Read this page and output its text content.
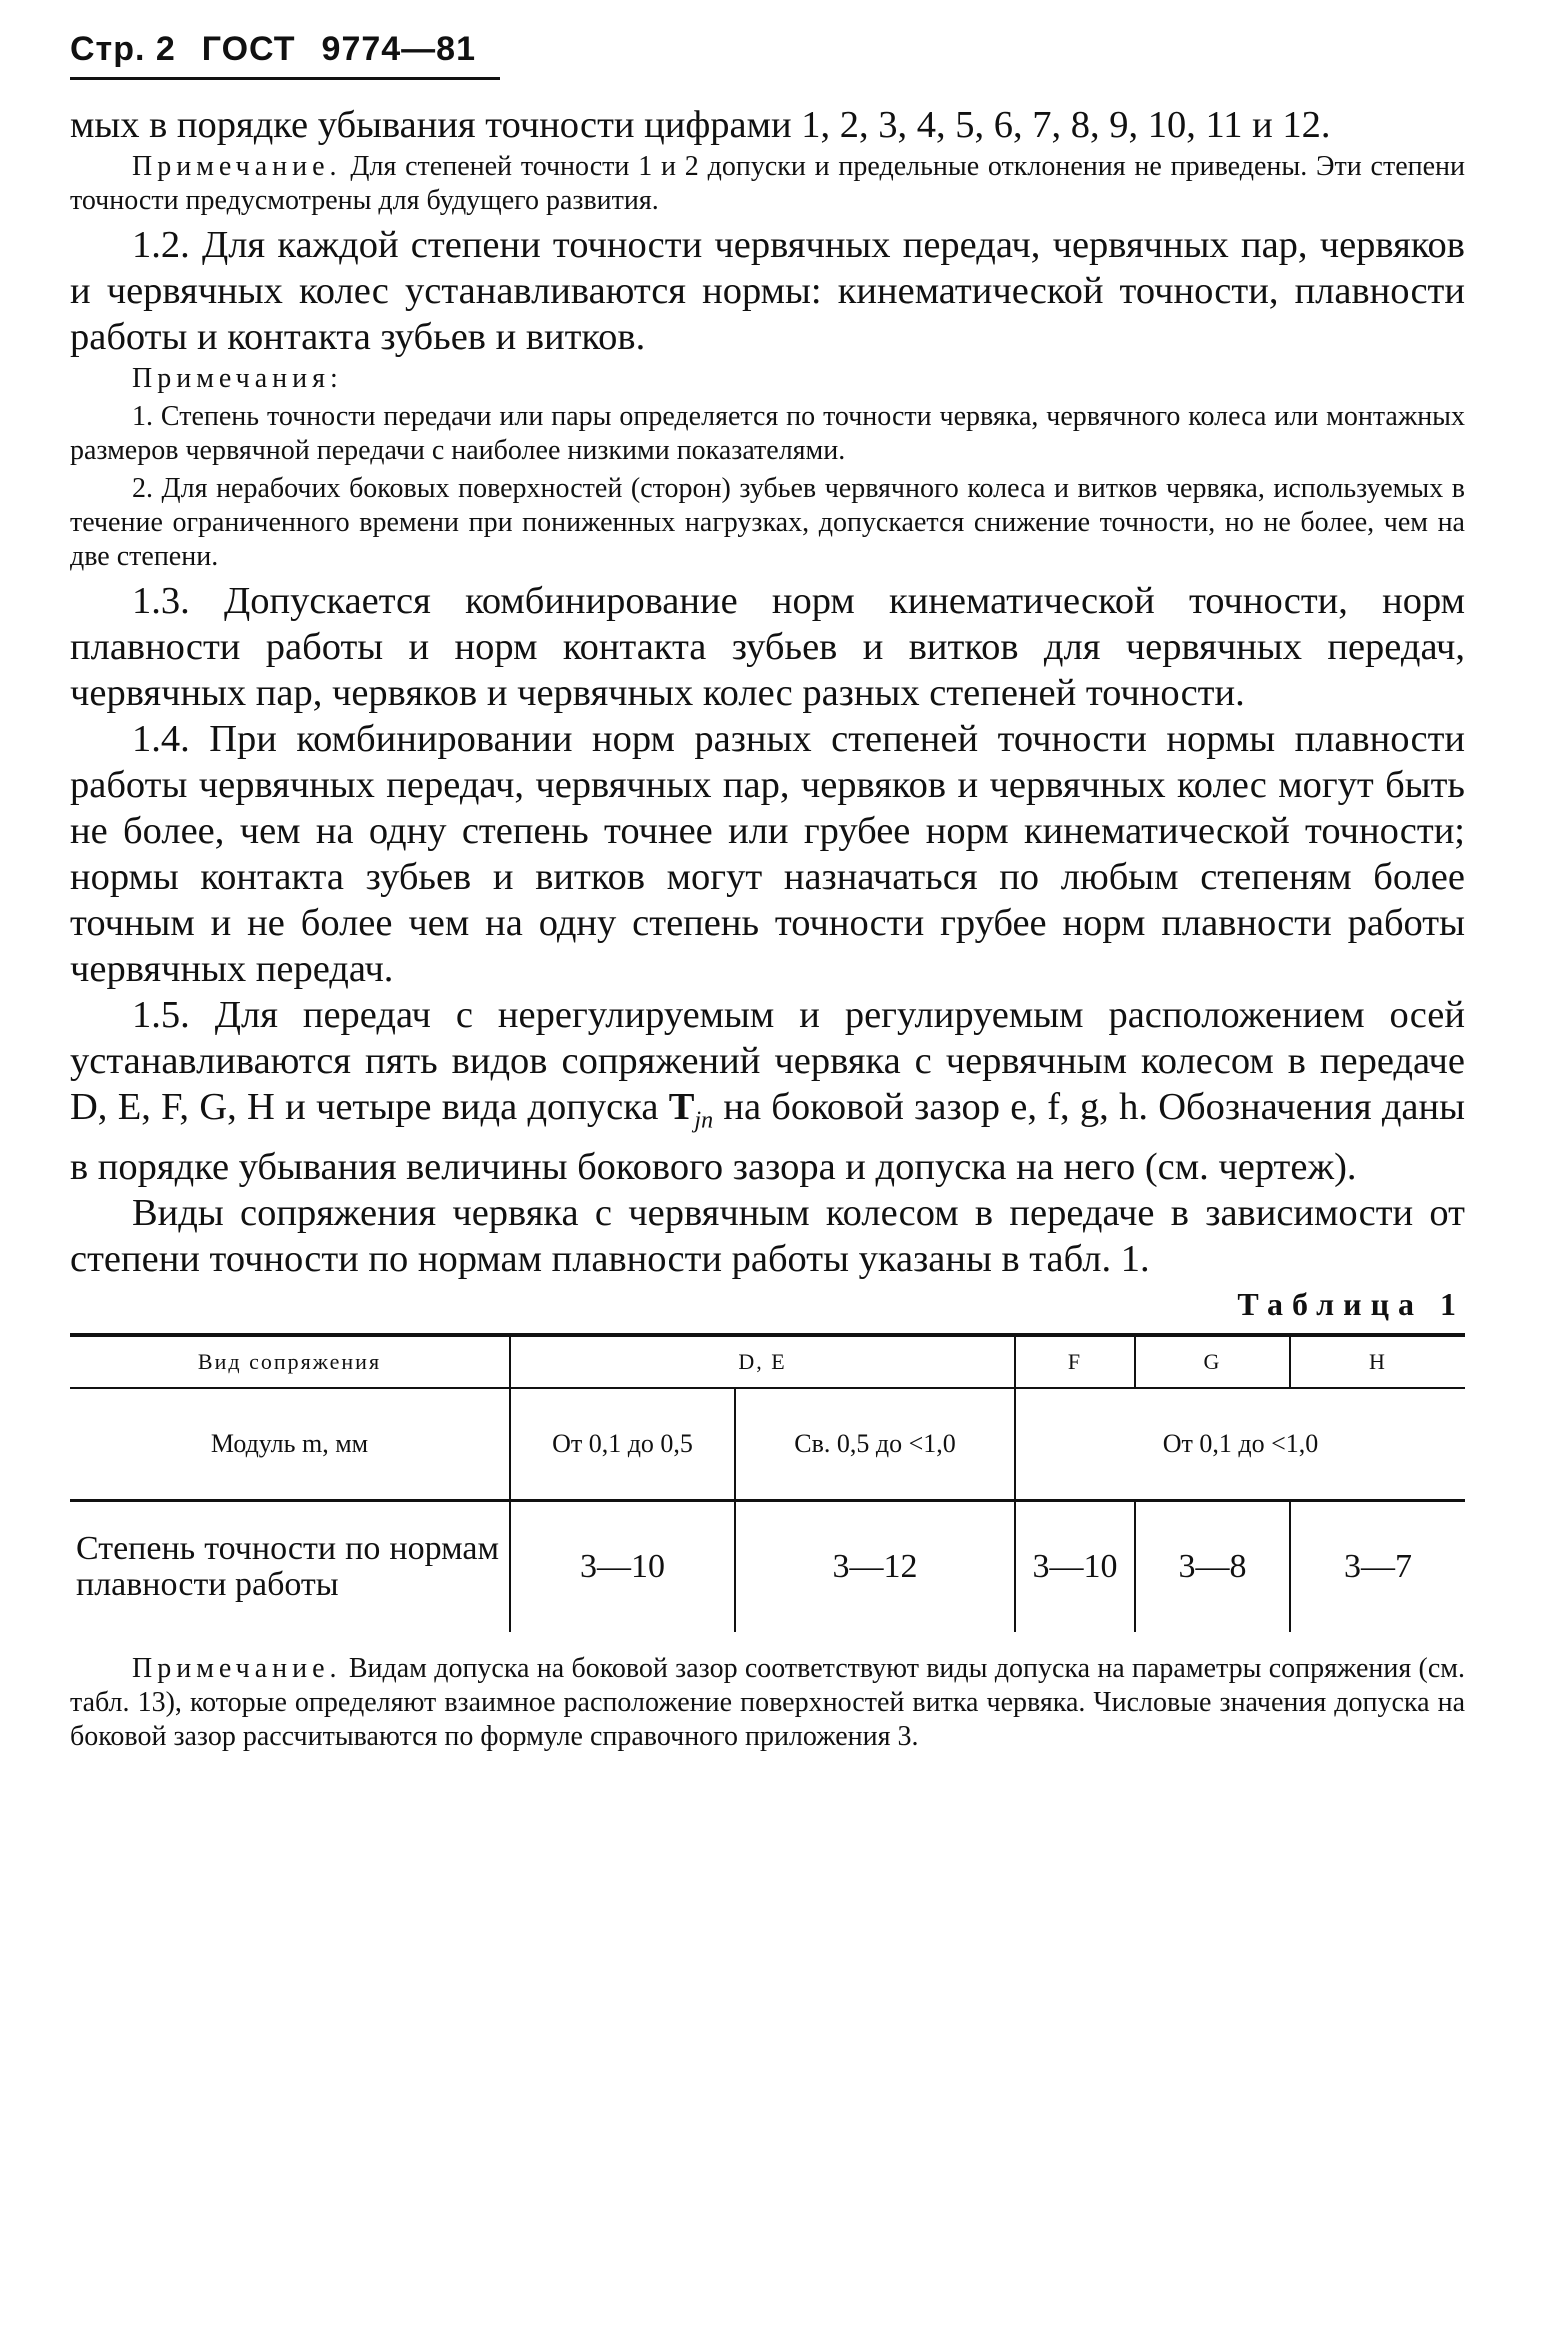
Стр. 2 ГОСТ 9774—81

мых в порядке убывания точности цифрами 1, 2, 3, 4, 5, 6, 7, 8, 9, 10, 11 и 12.

Примечание. Для степеней точности 1 и 2 допуски и предельные отклонения не приведены. Эти степени точности предусмотрены для будущего развития.

1.2. Для каждой степени точности червячных передач, червячных пар, червяков и червячных колес устанавливаются нормы: кинематической точности, плавности работы и контакта зубьев и витков.

Примечания:

1. Степень точности передачи или пары определяется по точности червяка, червячного колеса или монтажных размеров червячной передачи с наиболее низкими показателями.

2. Для нерабочих боковых поверхностей (сторон) зубьев червячного колеса и витков червяка, используемых в течение ограниченного времени при пониженных нагрузках, допускается снижение точности, но не более, чем на две степени.

1.3. Допускается комбинирование норм кинематической точности, норм плавности работы и норм контакта зубьев и витков для червячных передач, червячных пар, червяков и червячных колес разных степеней точности.

1.4. При комбинировании норм разных степеней точности нормы плавности работы червячных передач, червячных пар, червяков и червячных колес могут быть не более, чем на одну степень точнее или грубее норм кинематической точности; нормы контакта зубьев и витков могут назначаться по любым степеням более точным и не более чем на одну степень точности грубее норм плавности работы червячных передач.

1.5. Для передач с нерегулируемым и регулируемым расположением осей устанавливаются пять видов сопряжений червяка с червячным колесом в передаче D, E, F, G, H и четыре вида допуска $T_{jn}$ на боковой зазор e, f, g, h. Обозначения даны в порядке убывания величины бокового зазора и допуска на него (см. чертеж).

Виды сопряжения червяка с червячным колесом в передаче в зависимости от степени точности по нормам плавности работы указаны в табл. 1.

Таблица 1
Вид сопряжения	D, E		F	G	H
Модуль m, мм	От 0,1 до 0,5	Св. 0,5 до <1,0	От 0,1 до <1,0		
Степень точности по нормам плавности работы	3—10	3—12	3—10	3—8	3—7

Примечание. Видам допуска на боковой зазор соответствуют виды допуска на параметры сопряжения (см. табл. 13), которые определяют взаимное расположение поверхностей витка червяка. Числовые значения допуска на боковой зазор рассчитываются по формуле справочного приложения 3.
